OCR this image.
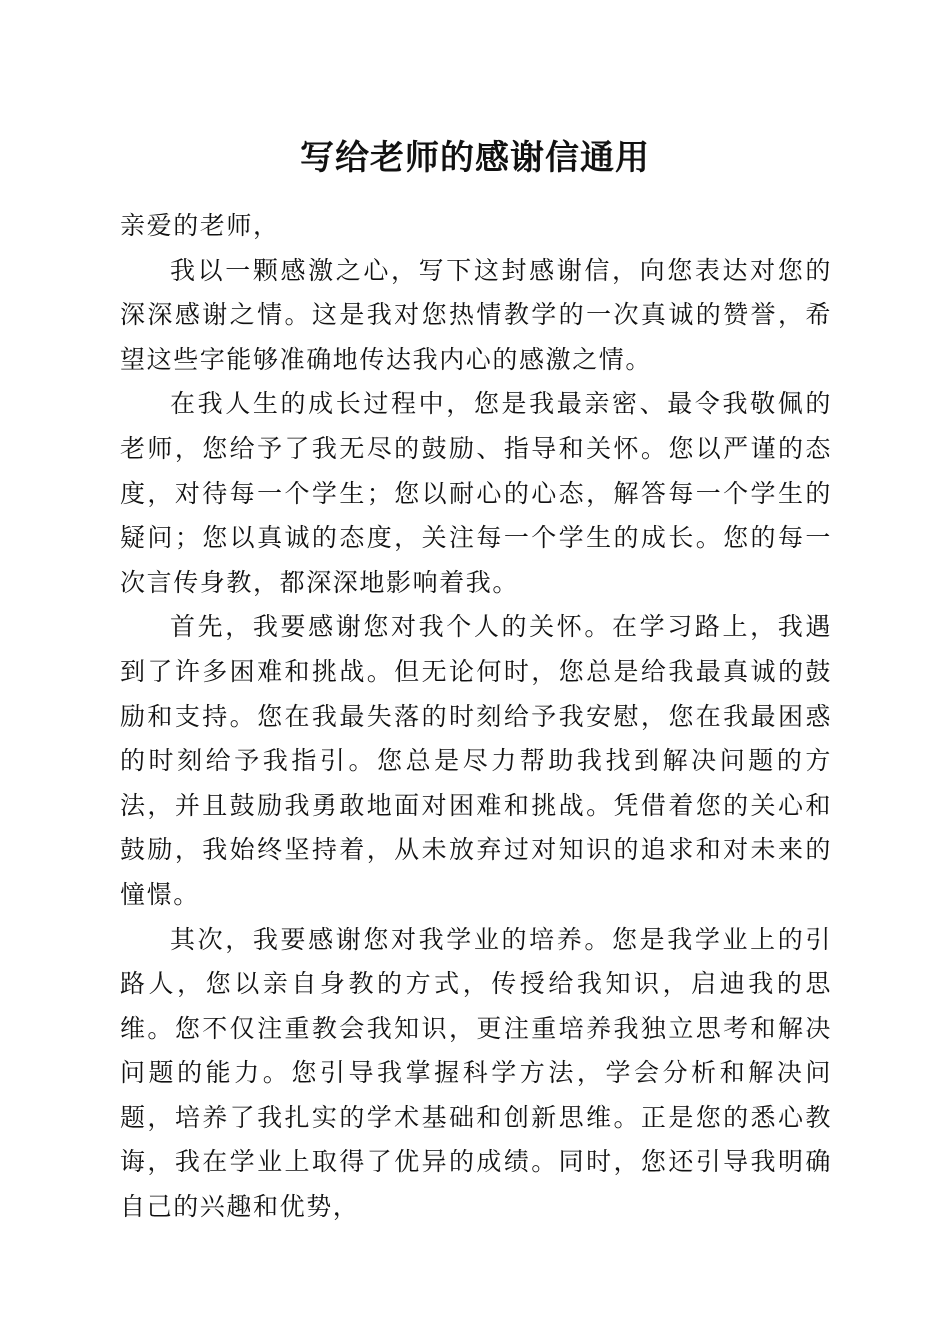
写给老师的感谢信通用

亲爱的老师，

我以一颗感激之心，写下这封感谢信，向您表达对您的深深感谢之情。这是我对您热情教学的一次真诚的赞誉，希望这些字能够准确地传达我内心的感激之情。

在我人生的成长过程中，您是我最亲密、最令我敬佩的老师，您给予了我无尽的鼓励、指导和关怀。您以严谨的态度，对待每一个学生；您以耐心的心态，解答每一个学生的疑问；您以真诚的态度，关注每一个学生的成长。您的每一次言传身教，都深深地影响着我。

首先，我要感谢您对我个人的关怀。在学习路上，我遇到了许多困难和挑战。但无论何时，您总是给我最真诚的鼓励和支持。您在我最失落的时刻给予我安慰，您在我最困惑的时刻给予我指引。您总是尽力帮助我找到解决问题的方法，并且鼓励我勇敢地面对困难和挑战。凭借着您的关心和鼓励，我始终坚持着，从未放弃过对知识的追求和对未来的憧憬。

其次，我要感谢您对我学业的培养。您是我学业上的引路人，您以亲自身教的方式，传授给我知识，启迪我的思维。您不仅注重教会我知识，更注重培养我独立思考和解决问题的能力。您引导我掌握科学方法，学会分析和解决问题，培养了我扎实的学术基础和创新思维。正是您的悉心教诲，我在学业上取得了优异的成绩。同时，您还引导我明确自己的兴趣和优势，
